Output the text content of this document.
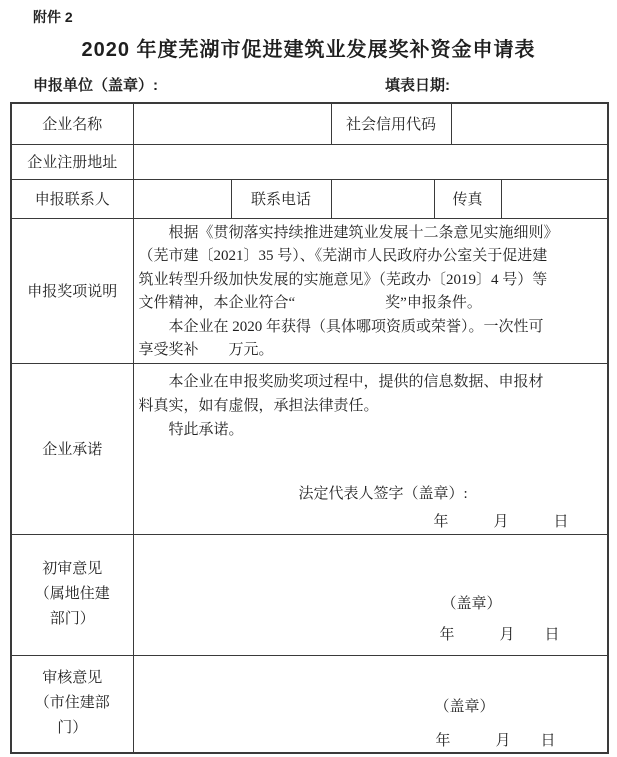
附件 2
2020 年度芜湖市促进建筑业发展奖补资金申请表
申报单位（盖章）:	填表日期:
企业名称			社会信用代码			
企业注册地址						
申报联系人		联系电话		传真		
申报奖项说明	
　　根据《贯彻落实持续推进建筑业发展十二条意见实施细则》
（芜市建〔2021〕35 号）、《芜湖市人民政府办公室关于促进建
筑业转型升级加快发展的实施意见》（芜政办〔2019〕4 号）等
文件精神，本企业符合“　　　　　　奖”申报条件。
　　本企业在 2020 年获得（具体哪项资质或荣誉）。一次性可
享受奖补　　万元。

企业承诺	　　本企业在申报奖励奖项过程中，提供的信息数据、申报材
料真实，如有虚假，承担法律责任。
　　特此承诺。
法定代表人签字（盖章）:
年　　　月　　　日					

初审意见
（属地住建
部门）

（盖章）
年　　　月　　日

审核意见
（市住建部
门）

（盖章）
年　　　月　　日
